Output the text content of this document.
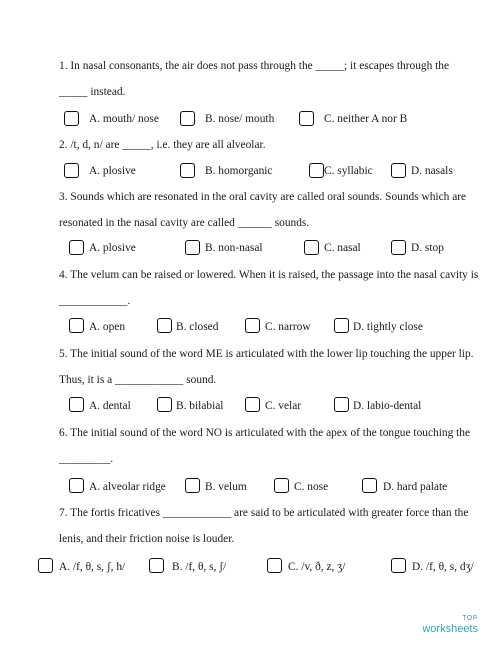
1. In nasal consonants, the air does not pass through the _____; it escapes through the
_____ instead.
A. mouth/ nose	B. nose/ mouth	C. neither A nor B
2. /t, d, n/ are _____, i.e. they are all alveolar.
A. plosive	B. homorganic	C. syllabic	D. nasals
3. Sounds which are resonated in the oral cavity are called oral sounds. Sounds which are
resonated in the nasal cavity are called ______ sounds.
A. plosive	B. non-nasal	C. nasal	D. stop
4. The velum can be raised or lowered. When it is raised, the passage into the nasal cavity is
____________.
A. open	B. closed	C. narrow	D. tightly close
5. The initial sound of the word ME is articulated with the lower lip touching the upper lip.
Thus, it is a ____________ sound.
A. dental	B. bilabial	C. velar	D. labio-dental
6. The initial sound of the word NO is articulated with the apex of the tongue touching the
_________.
A. alveolar ridge	B. velum	C. nose	D. hard palate
7. The fortis fricatives ____________ are said to be articulated with greater force than the
lenis, and their friction noise is louder.
A. /f, θ, s, ʃ, h/	B. /f, θ, s, ʃ/	C. /v, ð, z, ʒ/	D. /f, θ, s, dʒ/
TOP
worksheets
